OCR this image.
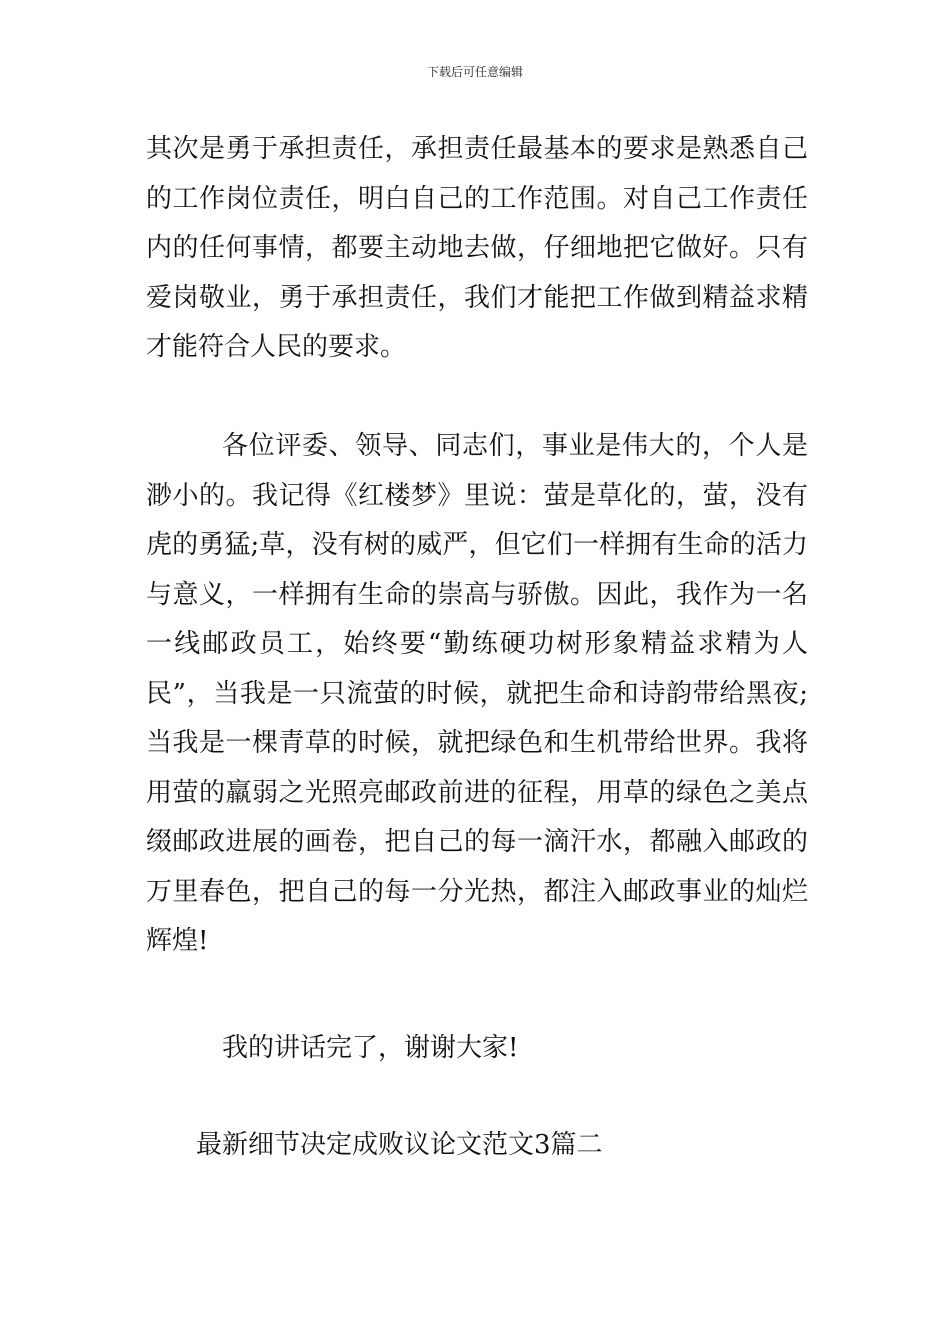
下载后可任意编辑
其次是勇于承担责任，承担责任最基本的要求是熟悉自己
的工作岗位责任，明白自己的工作范围。对自己工作责任
内的任何事情，都要主动地去做，仔细地把它做好。只有
爱岗敬业，勇于承担责任，我们才能把工作做到精益求精
才能符合人民的要求。
各位评委、领导、同志们，事业是伟大的，个人是
渺小的。我记得《红楼梦》里说：萤是草化的，萤，没有
虎的勇猛;草，没有树的威严，但它们一样拥有生命的活力
与意义，一样拥有生命的崇高与骄傲。因此，我作为一名
一线邮政员工，始终要“勤练硬功树形象精益求精为人
民”，当我是一只流萤的时候，就把生命和诗韵带给黑夜;
当我是一棵青草的时候，就把绿色和生机带给世界。我将
用萤的羸弱之光照亮邮政前进的征程，用草的绿色之美点
缀邮政进展的画卷，把自己的每一滴汗水，都融入邮政的
万里春色，把自己的每一分光热，都注入邮政事业的灿烂
辉煌!
我的讲话完了，谢谢大家!
最新细节决定成败议论文范文3篇二
